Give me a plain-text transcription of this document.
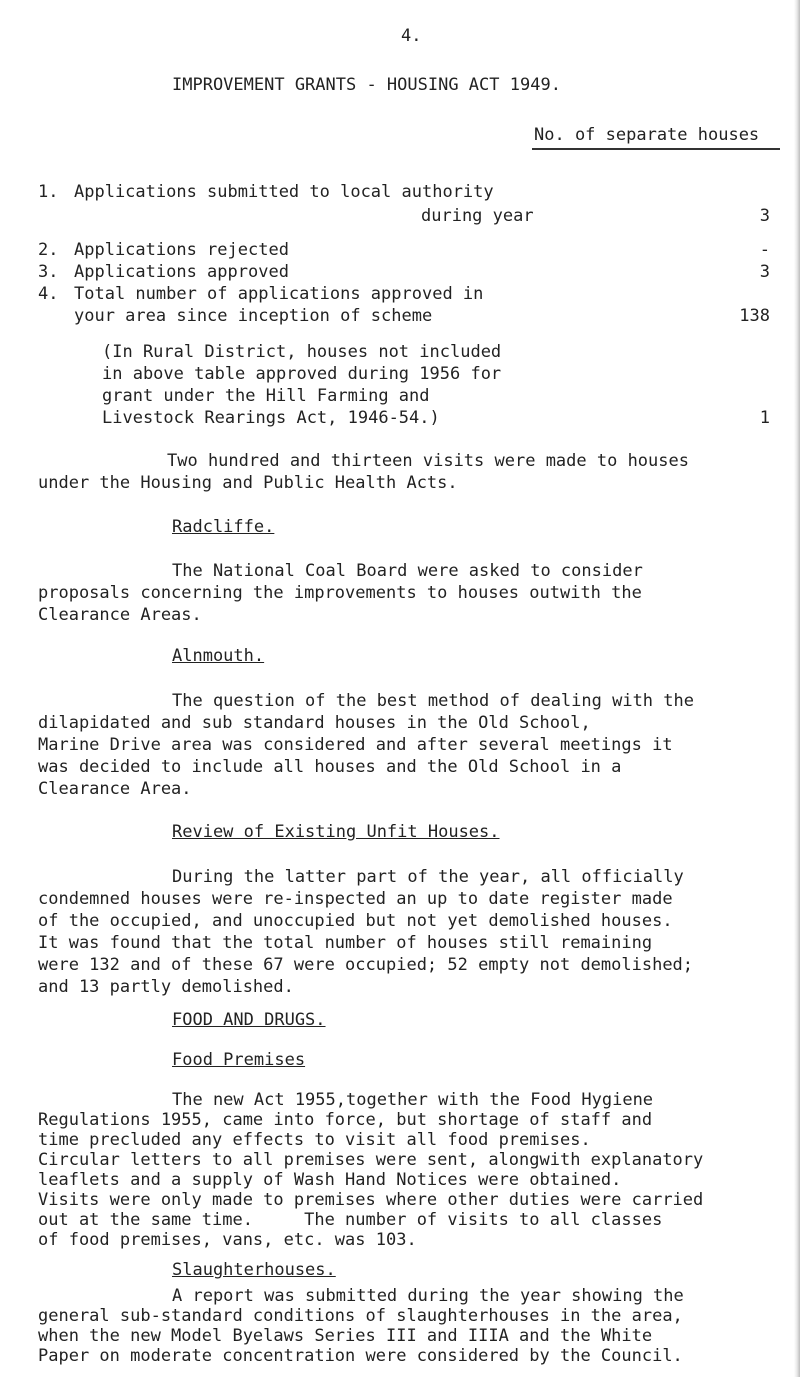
4.
IMPROVEMENT GRANTS - HOUSING ACT 1949.
No. of separate houses
1. Applications submitted to local authority
during year	3
2. Applications rejected	-
3. Applications approved	3
4. Total number of applications approved in
your area since inception of scheme	138
(In Rural District, houses not included
in above table approved during 1956 for
grant under the Hill Farming and
Livestock Rearings Act, 1946-54.)	1
Two hundred and thirteen visits were made to houses
under the Housing and Public Health Acts.
Radcliffe.
The National Coal Board were asked to consider
proposals concerning the improvements to houses outwith the
Clearance Areas.
Alnmouth.
The question of the best method of dealing with the
dilapidated and sub standard houses in the Old School,
Marine Drive area was considered and after several meetings it
was decided to include all houses and the Old School in a
Clearance Area.
Review of Existing Unfit Houses.
During the latter part of the year, all officially
condemned houses were re-inspected an up to date register made
of the occupied, and unoccupied but not yet demolished houses.
It was found that the total number of houses still remaining
were 132 and of these 67 were occupied; 52 empty not demolished;
and 13 partly demolished.
FOOD AND DRUGS.
Food Premises
The new Act 1955,together with the Food Hygiene
Regulations 1955, came into force, but shortage of staff and
time precluded any effects to visit all food premises.
Circular letters to all premises were sent, alongwith explanatory
leaflets and a supply of Wash Hand Notices were obtained.
Visits were only made to premises where other duties were carried
out at the same time.     The number of visits to all classes
of food premises, vans, etc. was 103.
Slaughterhouses.
A report was submitted during the year showing the
general sub-standard conditions of slaughterhouses in the area,
when the new Model Byelaws Series III and IIIA and the White
Paper on moderate concentration were considered by the Council.
